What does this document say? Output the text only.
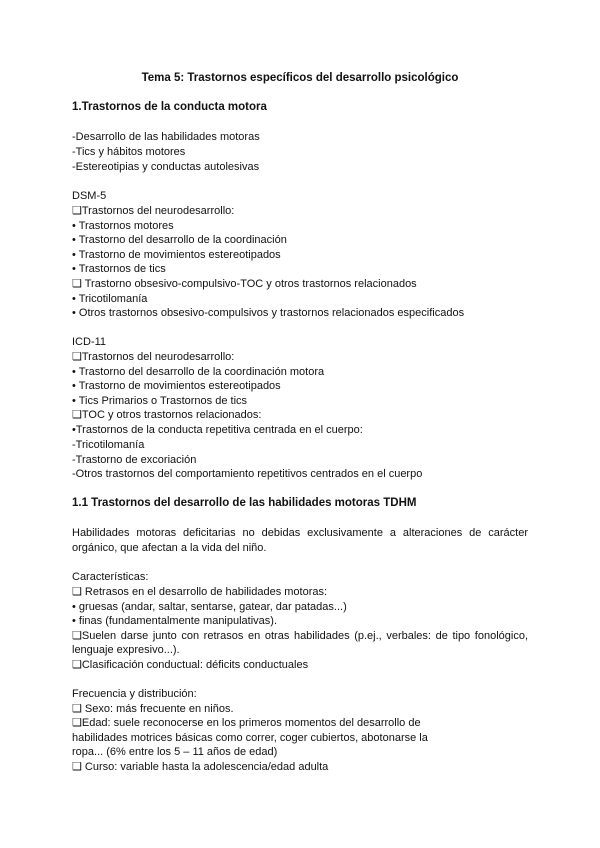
Tema 5: Trastornos específicos del desarrollo psicológico
1.Trastornos de la conducta motora
-Desarrollo de las habilidades motoras
-Tics y hábitos motores
-Estereotipias y conductas autolesivas
DSM-5
❑Trastornos del neurodesarrollo:
• Trastornos motores
• Trastorno del desarrollo de la coordinación
• Trastorno de movimientos estereotipados
• Trastornos de tics
❑ Trastorno obsesivo-compulsivo-TOC y otros trastornos relacionados
• Tricotilomanía
• Otros trastornos obsesivo-compulsivos y trastornos relacionados especificados
ICD-11
❑Trastornos del neurodesarrollo:
• Trastorno del desarrollo de la coordinación motora
• Trastorno de movimientos estereotipados
• Tics Primarios o Trastornos de tics
❑TOC y otros trastornos relacionados:
•Trastornos de la conducta repetitiva centrada en el cuerpo:
-Tricotilomanía
-Trastorno de excoriación
-Otros trastornos del comportamiento repetitivos centrados en el cuerpo
1.1 Trastornos del desarrollo de las habilidades motoras TDHM
Habilidades motoras deficitarias no debidas exclusivamente a alteraciones de carácter
orgánico, que afectan a la vida del niño.
Características:
❑ Retrasos en el desarrollo de habilidades motoras:
• gruesas (andar, saltar, sentarse, gatear, dar patadas...)
• finas (fundamentalmente manipulativas).
❑Suelen darse junto con retrasos en otras habilidades (p.ej., verbales: de tipo fonológico,
lenguaje expresivo...).
❑Clasificación conductual: déficits conductuales
Frecuencia y distribución:
❑ Sexo: más frecuente en niños.
❑Edad: suele reconocerse en los primeros momentos del desarrollo de
habilidades motrices básicas como correr, coger cubiertos, abotonarse la
ropa... (6% entre los 5 – 11 años de edad)
❑ Curso: variable hasta la adolescencia/edad adulta
